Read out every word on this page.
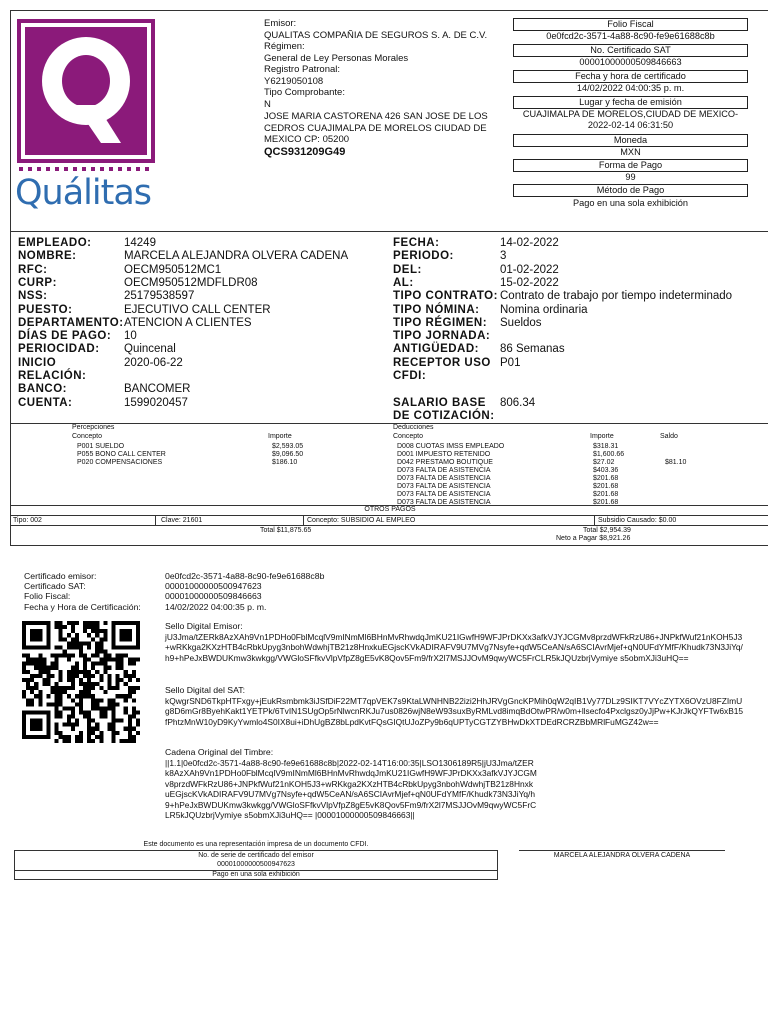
Quálitas
Emisor:
QUALITAS COMPAÑIA DE SEGUROS S. A. DE C.V.
Régimen:
General de Ley Personas Morales
Registro Patronal:
Y6219050108
Tipo Comprobante:
N
JOSE MARIA CASTORENA 426 SAN JOSE DE LOS CEDROS CUAJIMALPA DE MORELOS CIUDAD DE MEXICO CP: 05200
QCS931209G49
Folio Fiscal
0e0fcd2c-3571-4a88-8c90-fe9e61688c8b
No. Certificado SAT
00001000000509846663
Fecha y hora de certificado
14/02/2022 04:00:35 p. m.
Lugar y fecha de emisión
CUAJIMALPA DE MORELOS,CIUDAD DE MEXICO-2022-02-14 06:31:50
Moneda
MXN
Forma de Pago
99
Método de Pago
Pago en una sola exhibición
EMPLEADO:	14249
NOMBRE:	MARCELA ALEJANDRA OLVERA CADENA
RFC:	OECM950512MC1
CURP:	OECM950512MDFLDR08
NSS:	25179538597
PUESTO:	EJECUTIVO CALL CENTER
DEPARTAMENTO: ATENCION A CLIENTES
DÍAS DE PAGO: 10
PERIOCIDAD: Quincenal
INICIO	2020-06-22
RELACIÓN:
BANCO:	BANCOMER
CUENTA:	1599020457
FECHA:	14-02-2022
PERIODO:	3
DEL:	01-02-2022
AL:	15-02-2022
TIPO CONTRATO: Contrato de trabajo por tiempo indeterminado
TIPO NÓMINA: Nomina ordinaria
TIPO RÉGIMEN: Sueldos
TIPO JORNADA:
ANTIGÜEDAD: 86 Semanas
RECEPTOR USO P01
CFDI:
SALARIO BASE 806.34
DE COTIZACIÓN:
Percepciones
Concepto	Importe
P001 SUELDO	$2,593.05
P055 BONO CALL CENTER	$9,096.50
P020 COMPENSACIONES	$186.10
Deducciones
Concepto	Importe	Saldo
D008 CUOTAS IMSS EMPLEADO	$318.31
D001 IMPUESTO RETENIDO	$1,600.66
D042 PRESTAMO BOUTIQUE	$27.02	$81.10
D073 FALTA DE ASISTENCIA	$403.36
D073 FALTA DE ASISTENCIA	$201.68
D073 FALTA DE ASISTENCIA	$201.68
D073 FALTA DE ASISTENCIA	$201.68
D073 FALTA DE ASISTENCIA	$201.68
OTROS PAGOS
Tipo: 002	Clave: 21601	Concepto: SUBSIDIO AL EMPLEO	Subsidio Causado: $0.00
Total $11,875.65	Total $2,954.39
Neto a Pagar $8,921.26
Certificado emisor:	0e0fcd2c-3571-4a88-8c90-fe9e61688c8b
Certificado SAT:	00001000000500947623
Folio Fiscal:	00001000000509846663
Fecha y Hora de Certificación:	14/02/2022 04:00:35 p. m.
Sello Digital Emisor:
jU3Jma/tZERk8AzXAh9Vn1PDHo0FblMcqlV9mINmMl6BHnMvRhwdqJmKU21IGwfH9WFJPrDKXx3afkVJYJCGMv8przdWFkRzU86+JNPkfWuf21nKOH5J3+wRKkga2KXzHTB4cRbkUpyg3nbohWdwhjTB21z8HnxkuEGjscKVkADIRAFV9U7MVg7Nsyfe+qdW5CeAN/sA6SCIAvrMjef+qN0UFdYMfF/Khudk73N3JiYq/h9+hPeJxBWDUKmw3kwkgg/VWGloSFfkvVlpVfpZ8gE5vK8Qov5Fm9/frX2l7MSJJOvM9qwyWC5FrCLR5kJQUzbrjVymiye s5obmXJi3uHQ==
Sello Digital del SAT:
kQwgrSND6TkpHTFxgy+jEukRsmbmk3iJSfDiF22MT7qpVEK7s9KtaLWNHNB22izi2HhJRVgGncKPMih0qW2qIB1Vy77DLz9SIKT7VYcZYTX6OVzU8FZImUg8D6mGr8ByehKakt1YETPk/6TvIN1SUgOp5rNlwcnRKJu7us0826wjN8eW93suxByRMLvd8imqBdOtwPR/w0m+llsecfo4Pxclgsz0yJjPw+KJrJkQYFTw6xB15fPhtzMnW10yD9KyYwmlo4S0IX8ui+iDhUgBZ8bLpdKvtFQsGIQtUJoZPy9b6qUPTyCGTZYBHwDkXTDEdRCRZBbMRlFuMGZ42w==
Cadena Original del Timbre:
||1.1|0e0fcd2c-3571-4a88-8c90-fe9e61688c8b|2022-02-14T16:00:35|LSO1306189R5|jU3Jma/tZERk8AzXAh9Vn1PDHo0FblMcqlV9mINmMl6BHnMvRhwdqJmKU21IGwfH9WFJPrDKXx3afkVJYJCGMv8przdWFkRzU86+JNPkfWuf21nKOH5J3+wRKkga2KXzHTB4cRbkUpyg3nbohWdwhjTB21z8HnxkuEGjscKVkADIRAFV9U7MVg7Nsyfe+qdW5CeAN/sA6SCIAvrMjef+qN0UFdYMfF/Khudk73N3JiYq/h9+hPeJxBWDUKmw3kwkgg/VWGloSFfkvVlpVfpZ8gE5vK8Qov5Fm9/frX2l7MSJJOvM9qwyWC5FrCLR5kJQUzbrjVymiye s5obmXJi3uHQ== |00001000000509846663||
Este documento es una representación impresa de un documento CFDI.
No. de serie de certificado del emisor
00001000000500947623
Pago en una sola exhibición
MARCELA ALEJANDRA OLVERA CADENA
